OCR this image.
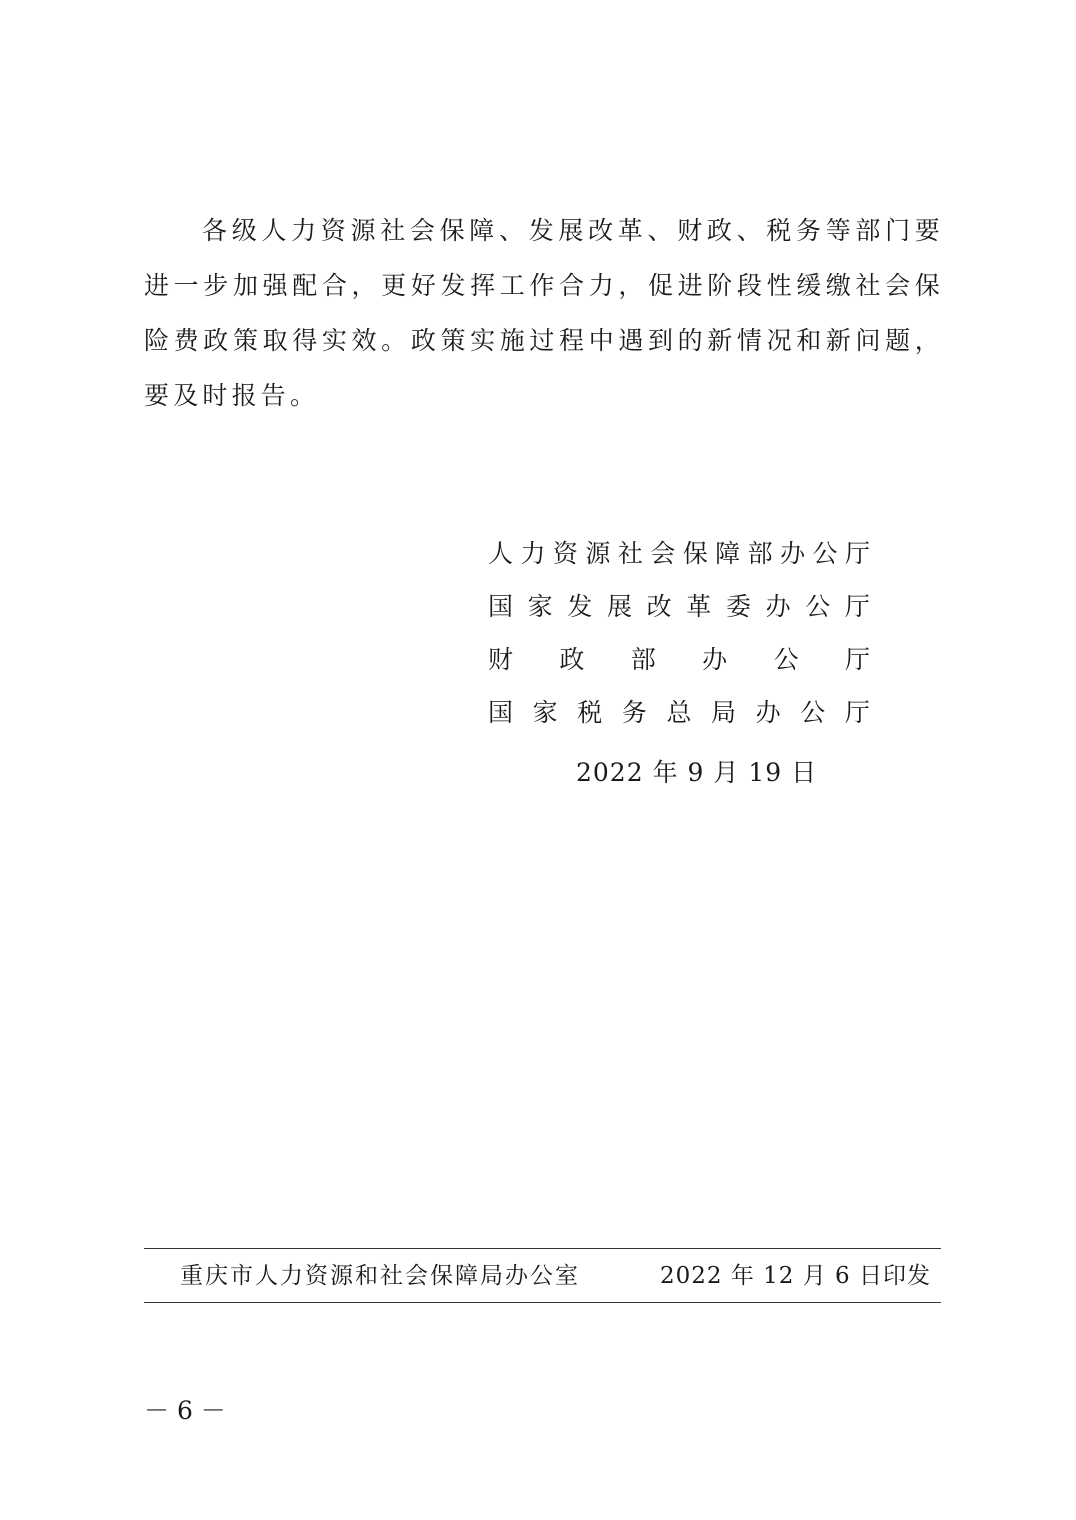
各级人力资源社会保障、发展改革、财政、税务等部门要进一步加强配合，更好发挥工作合力，促进阶段性缓缴社会保险费政策取得实效。政策实施过程中遇到的新情况和新问题，要及时报告。

人 力 资 源 社 会 保 障 部 办 公 厅
国 家 发 展 改 革 委 办 公 厅
财 政 部 办 公 厅
国 家 税 务 总 局 办 公 厅
2022 年 9 月 19 日
重庆市人力资源和社会保障局办公室	2022 年 12 月 6 日印发
－ 6 －
